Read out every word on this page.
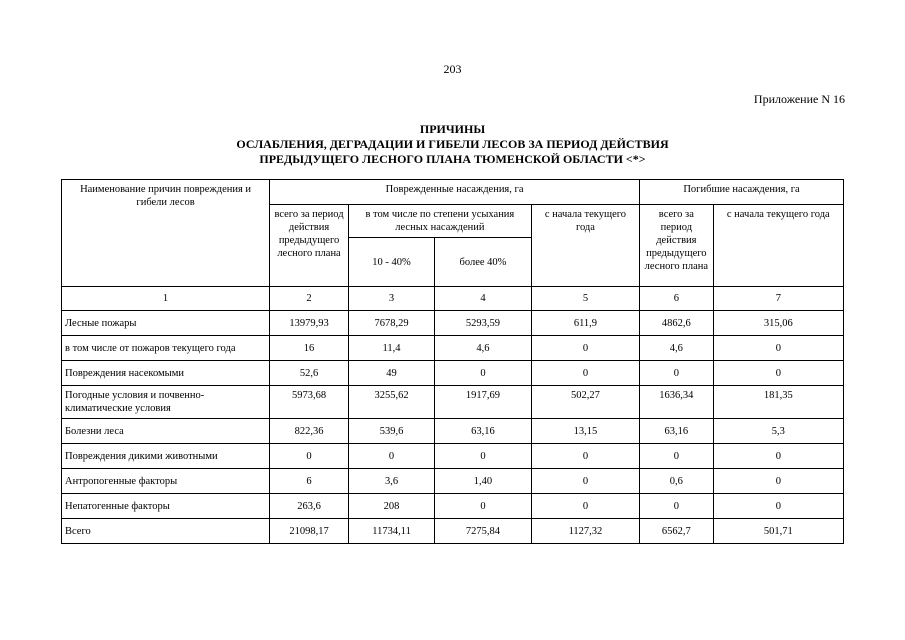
203
Приложение N 16
ПРИЧИНЫ
ОСЛАБЛЕНИЯ, ДЕГРАДАЦИИ И ГИБЕЛИ ЛЕСОВ ЗА ПЕРИОД ДЕЙСТВИЯ
ПРЕДЫДУЩЕГО ЛЕСНОГО ПЛАНА ТЮМЕНСКОЙ ОБЛАСТИ <*>
Наименование причин повреждения и гибели лесов	Поврежденные насаждения, га				Погибшие насаждения, га	
	всего за период действия предыдущего лесного плана	в том числе по степени усыхания лесных насаждений		с начала текущего года	всего за период действия предыдущего лесного плана	с начала текущего года
		10 - 40%	более 40%			
1	2	3	4	5	6	7
Лесные пожары	13979,93	7678,29	5293,59	611,9	4862,6	315,06
в том числе от пожаров текущего года	16	11,4	4,6	0	4,6	0
Повреждения насекомыми	52,6	49	0	0	0	0
Погодные условия и почвенно-климатические условия	5973,68	3255,62	1917,69	502,27	1636,34	181,35
Болезни леса	822,36	539,6	63,16	13,15	63,16	5,3
Повреждения дикими животными	0	0	0	0	0	0
Антропогенные факторы	6	3,6	1,40	0	0,6	0
Непатогенные факторы	263,6	208	0	0	0	0
Всего	21098,17	11734,11	7275,84	1127,32	6562,7	501,71
